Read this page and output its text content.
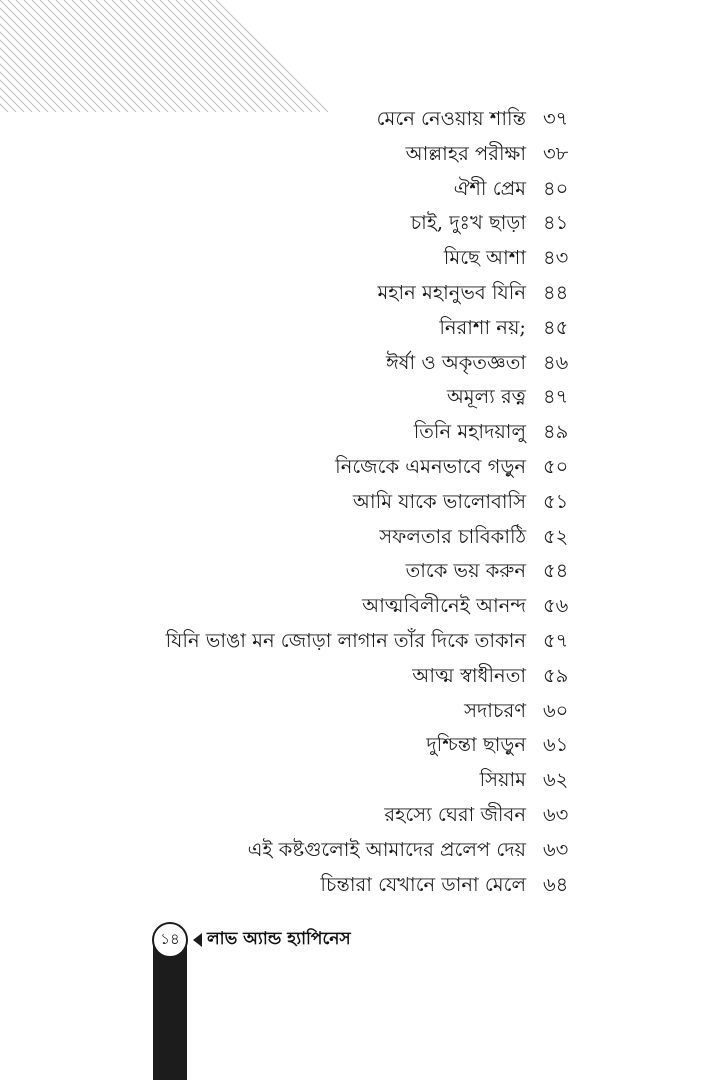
মেনে নেওয়ায় শান্তি ৩৭
আল্লাহর পরীক্ষা ৩৮
ঐশী প্রেম ৪০
চাই, দুঃখ ছাড়া ৪১
মিছে আশা ৪৩
মহান মহানুভব যিনি ৪৪
নিরাশা নয়; ৪৫
ঈর্ষা ও অকৃতজ্ঞতা ৪৬
অমূল্য রত্ন ৪৭
তিনি মহাদয়ালু ৪৯
নিজেকে এমনভাবে গড়ুন ৫০
আমি যাকে ভালোবাসি ৫১
সফলতার চাবিকাঠি ৫২
তাকে ভয় করুন ৫৪
আত্মবিলীনেই আনন্দ ৫৬
যিনি ভাঙা মন জোড়া লাগান তাঁর দিকে তাকান ৫৭
আত্ম স্বাধীনতা ৫৯
সদাচরণ ৬০
দুশ্চিন্তা ছাড়ুন ৬১
সিয়াম ৬২
রহস্যে ঘেরা জীবন ৬৩
এই কষ্টগুলোই আমাদের প্রলেপ দেয় ৬৩
চিন্তারা যেখানে ডানা মেলে ৬৪
১৪ লাভ অ্যান্ড হ্যাপিনেস
